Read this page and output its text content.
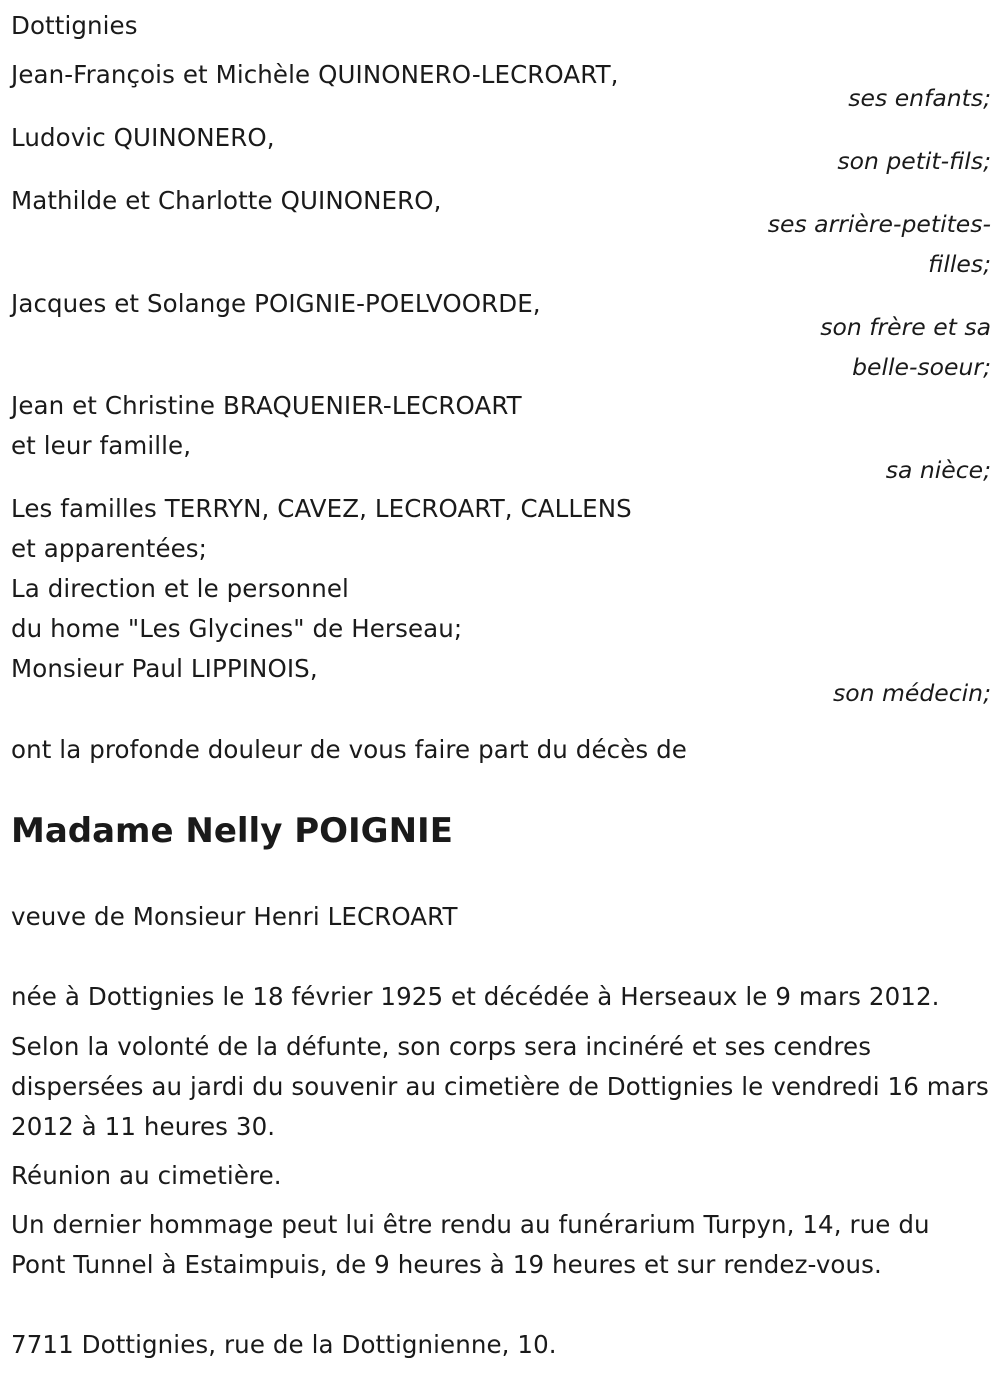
Dottignies
Jean-François et Michèle QUINONERO-LECROART,
ses enfants;
Ludovic QUINONERO,
son petit-fils;
Mathilde et Charlotte QUINONERO,
ses arrière-petites-
filles;
Jacques et Solange POIGNIE-POELVOORDE,
son frère et sa
belle-soeur;
Jean et Christine BRAQUENIER-LECROART
et leur famille,
sa nièce;
Les familles TERRYN, CAVEZ, LECROART, CALLENS
et apparentées;
La direction et le personnel
du home "Les Glycines" de Herseau;
Monsieur Paul LIPPINOIS,
son médecin;
ont la profonde douleur de vous faire part du décès de
Madame Nelly POIGNIE
veuve de Monsieur Henri LECROART
née à Dottignies le 18 février 1925 et décédée à Herseaux le 9 mars 2012.
Selon la volonté de la défunte, son corps sera incinéré et ses cendres dispersées au jardi du souvenir au cimetière de Dottignies le vendredi 16 mars 2012 à 11 heures 30.
Réunion au cimetière.
Un dernier hommage peut lui être rendu au funérarium Turpyn, 14, rue du Pont Tunnel à Estaimpuis, de 9 heures à 19 heures et sur rendez-vous.
7711 Dottignies, rue de la Dottignienne, 10.
